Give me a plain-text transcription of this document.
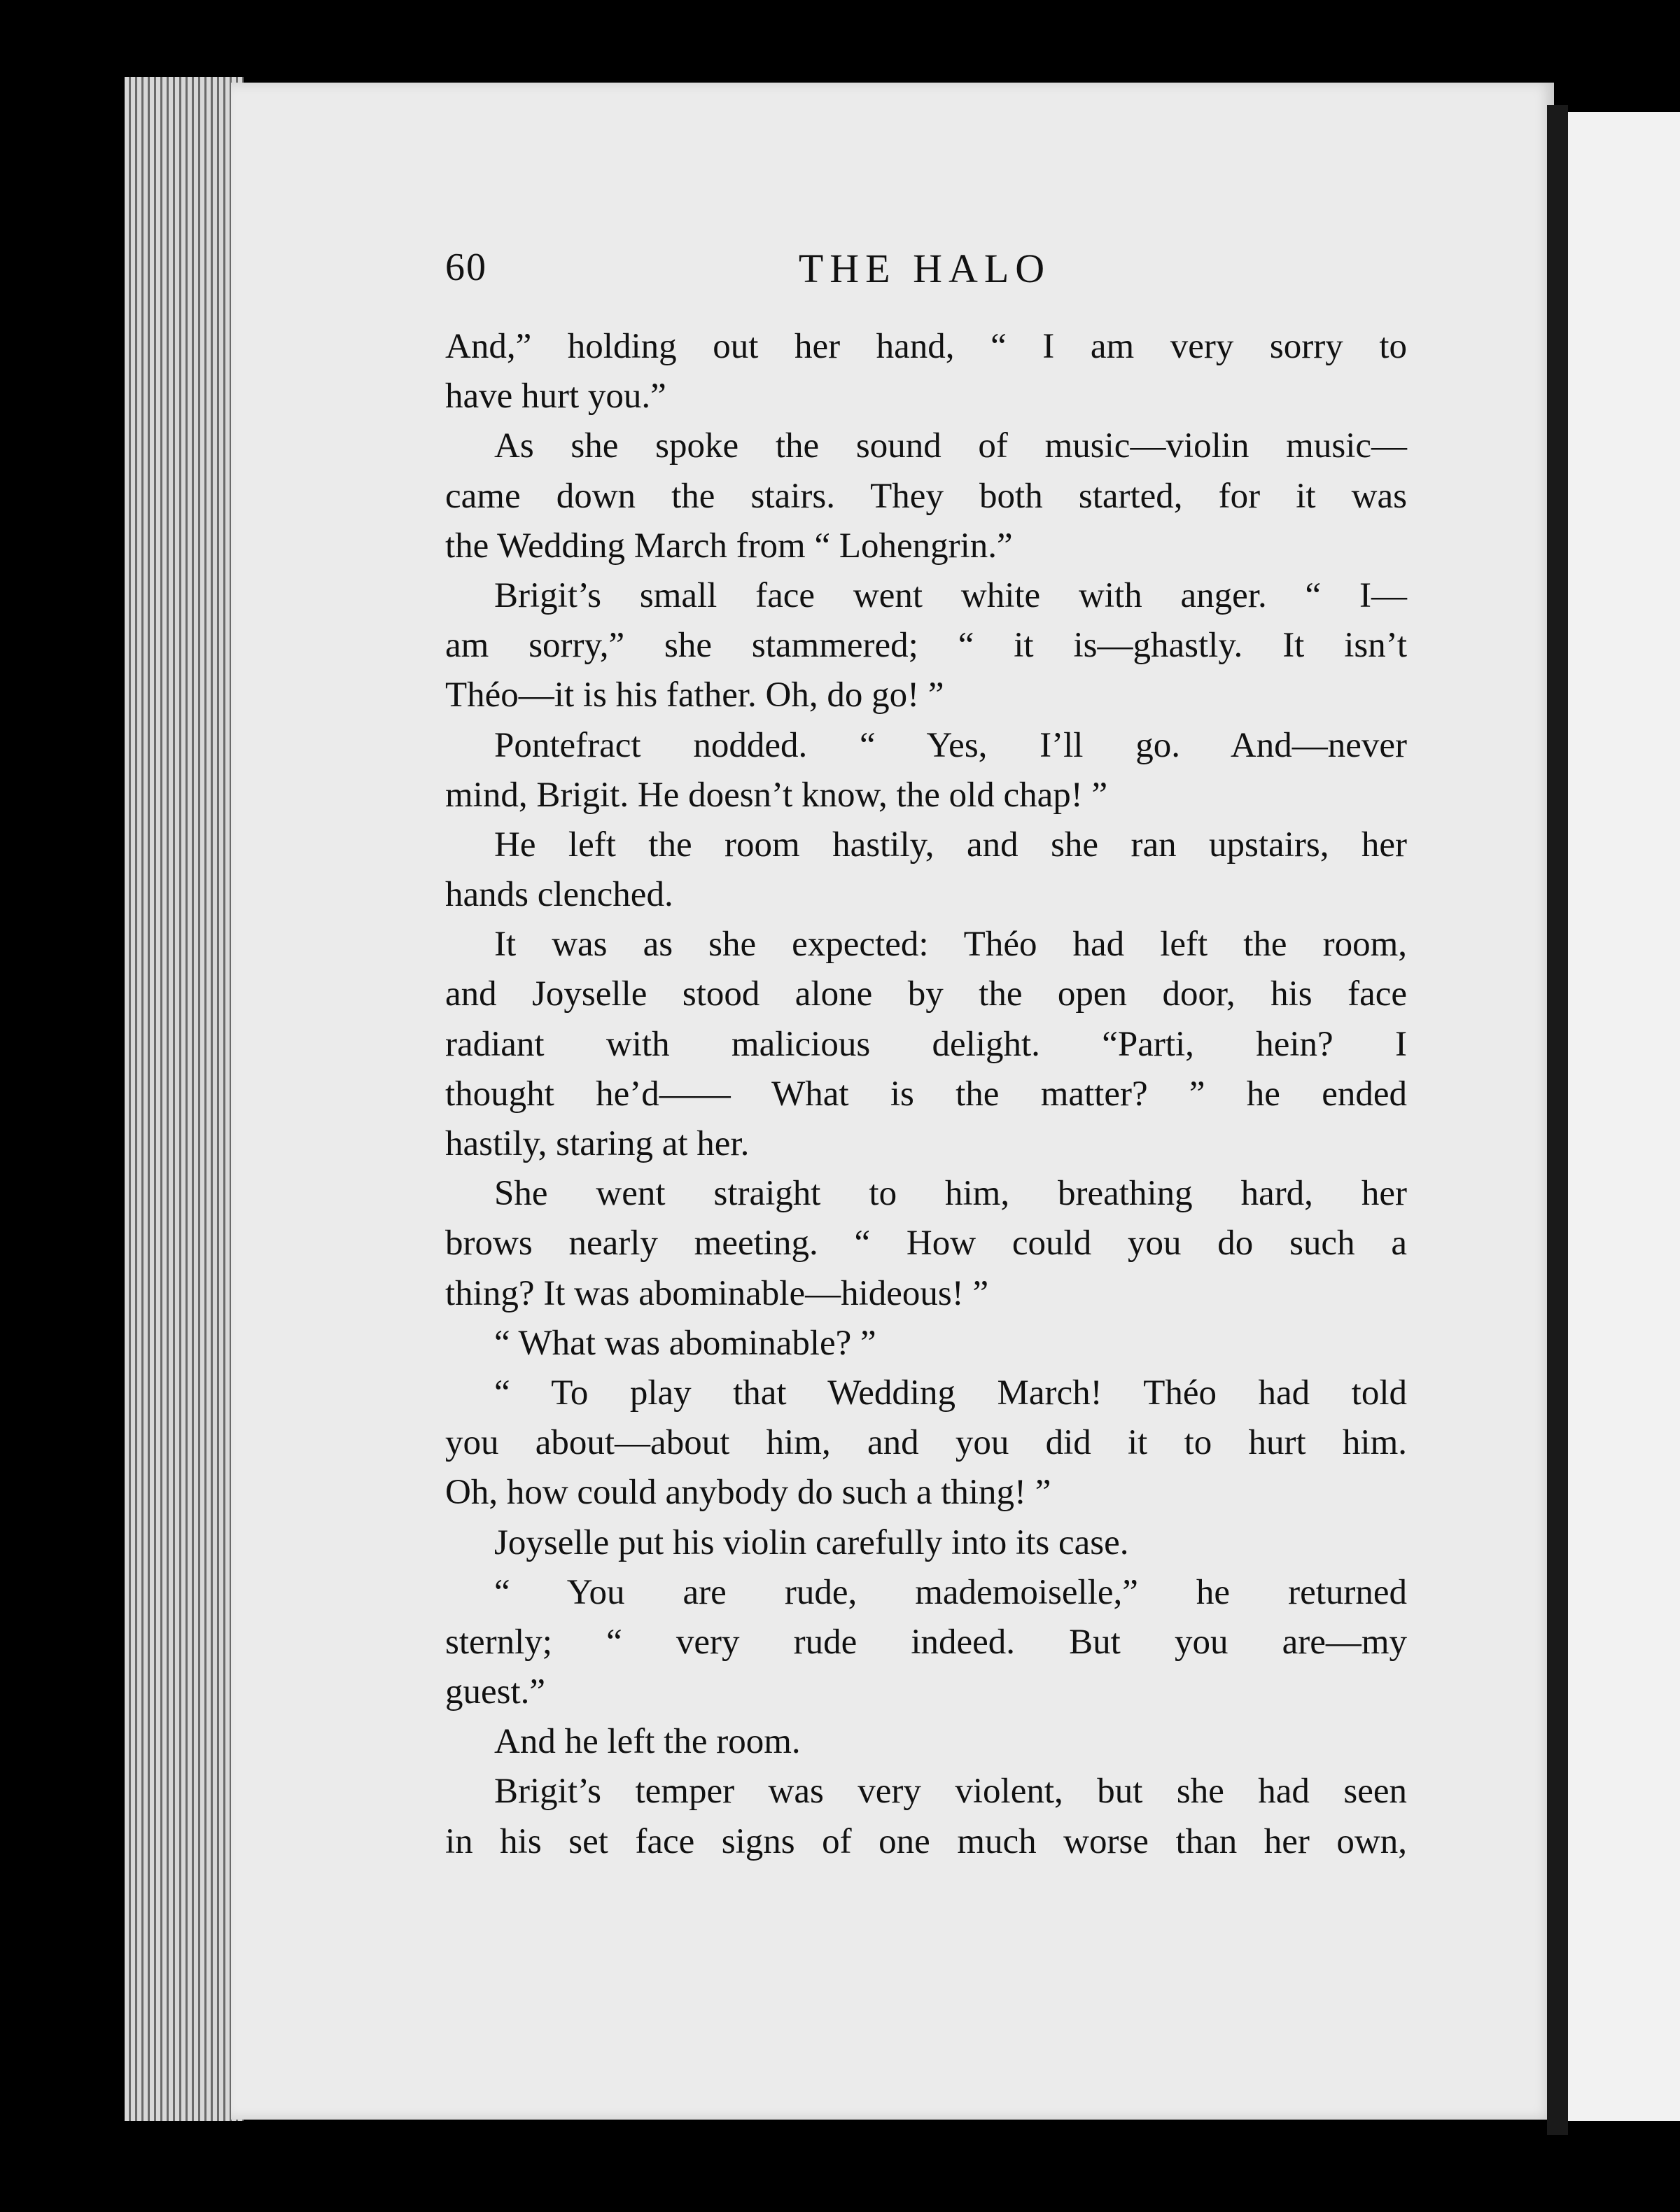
60	THE HALO
And,” holding out her hand, “ I am very sorry to
have hurt you.”
As she spoke the sound of music—violin music—
came down the stairs. They both started, for it was
the Wedding March from “ Lohengrin.”
Brigit’s small face went white with anger. “ I—
am sorry,” she stammered; “ it is—ghastly. It isn’t
Théo—it is his father. Oh, do go! ”
Pontefract nodded. “ Yes, I’ll go. And—never
mind, Brigit. He doesn’t know, the old chap! ”
He left the room hastily, and she ran upstairs, her
hands clenched.
It was as she expected: Théo had left the room,
and Joyselle stood alone by the open door, his face
radiant with malicious delight. “Parti, hein? I
thought he’d—— What is the matter? ” he ended
hastily, staring at her.
She went straight to him, breathing hard, her
brows nearly meeting. “ How could you do such a
thing? It was abominable—hideous! ”
“ What was abominable? ”
“ To play that Wedding March! Théo had told
you about—about him, and you did it to hurt him.
Oh, how could anybody do such a thing! ”
Joyselle put his violin carefully into its case.
“ You are rude, mademoiselle,” he returned
sternly; “ very rude indeed. But you are—my
guest.”
And he left the room.
Brigit’s temper was very violent, but she had seen
in his set face signs of one much worse than her own,
